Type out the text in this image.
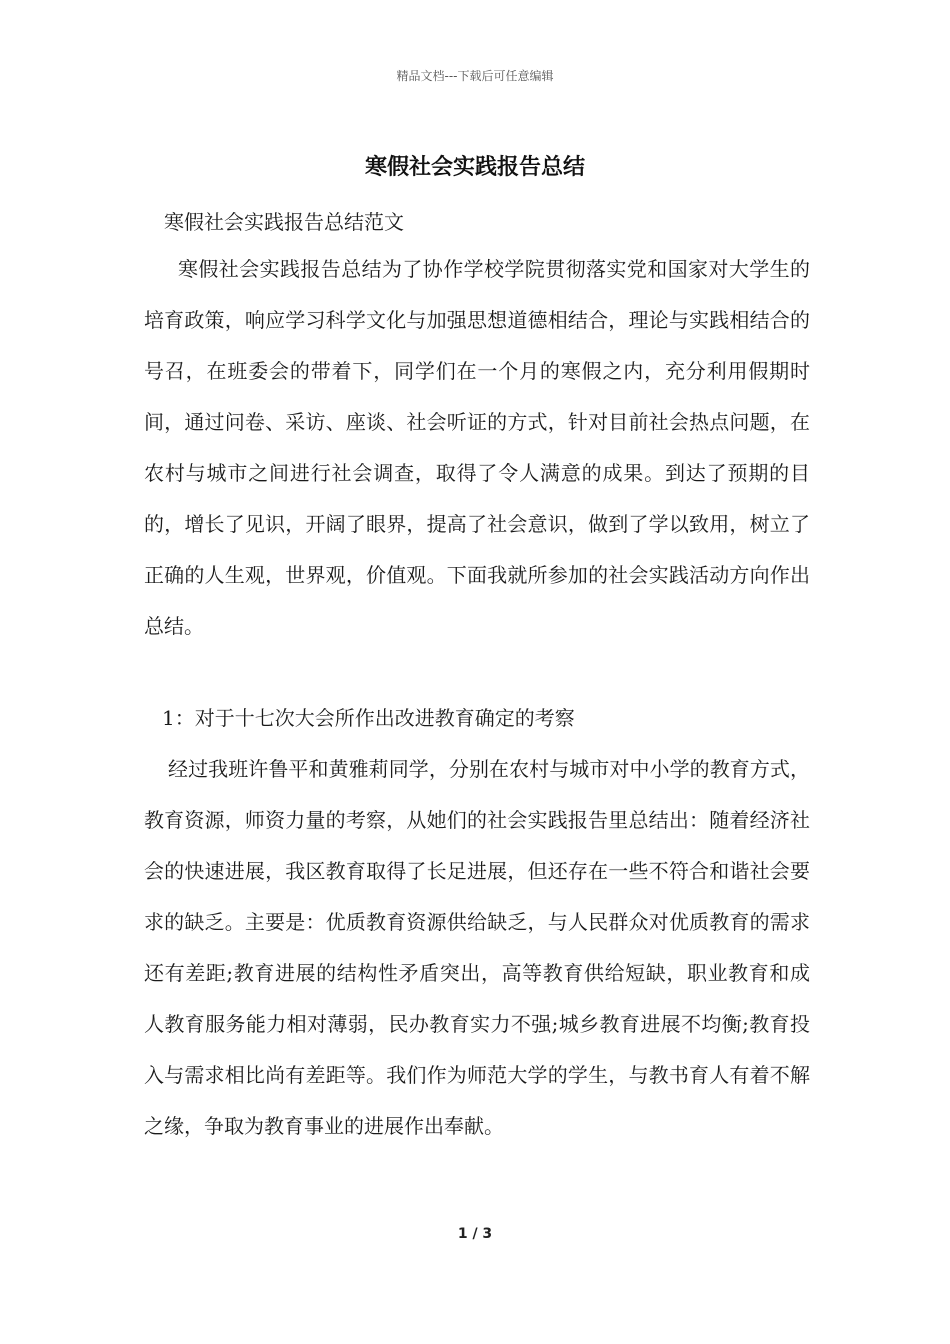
精品文档---下载后可任意编辑
寒假社会实践报告总结

寒假社会实践报告总结范文

寒假社会实践报告总结为了协作学校学院贯彻落实党和国家对大学生的培育政策，响应学习科学文化与加强思想道德相结合，理论与实践相结合的号召，在班委会的带着下，同学们在一个月的寒假之内，充分利用假期时间，通过问卷、采访、座谈、社会听证的方式，针对目前社会热点问题，在农村与城市之间进行社会调查，取得了令人满意的成果。到达了预期的目的，增长了见识，开阔了眼界，提高了社会意识，做到了学以致用，树立了正确的人生观，世界观，价值观。下面我就所参加的社会实践活动方向作出总结。

1：对于十七次大会所作出改进教育确定的考察

经过我班许鲁平和黄雅莉同学，分别在农村与城市对中小学的教育方式，教育资源，师资力量的考察，从她们的社会实践报告里总结出：随着经济社会的快速进展，我区教育取得了长足进展，但还存在一些不符合和谐社会要求的缺乏。主要是：优质教育资源供给缺乏，与人民群众对优质教育的需求还有差距;教育进展的结构性矛盾突出，高等教育供给短缺，职业教育和成人教育服务能力相对薄弱，民办教育实力不强;城乡教育进展不均衡;教育投入与需求相比尚有差距等。我们作为师范大学的学生，与教书育人有着不解之缘，争取为教育事业的进展作出奉献。

1 / 3
